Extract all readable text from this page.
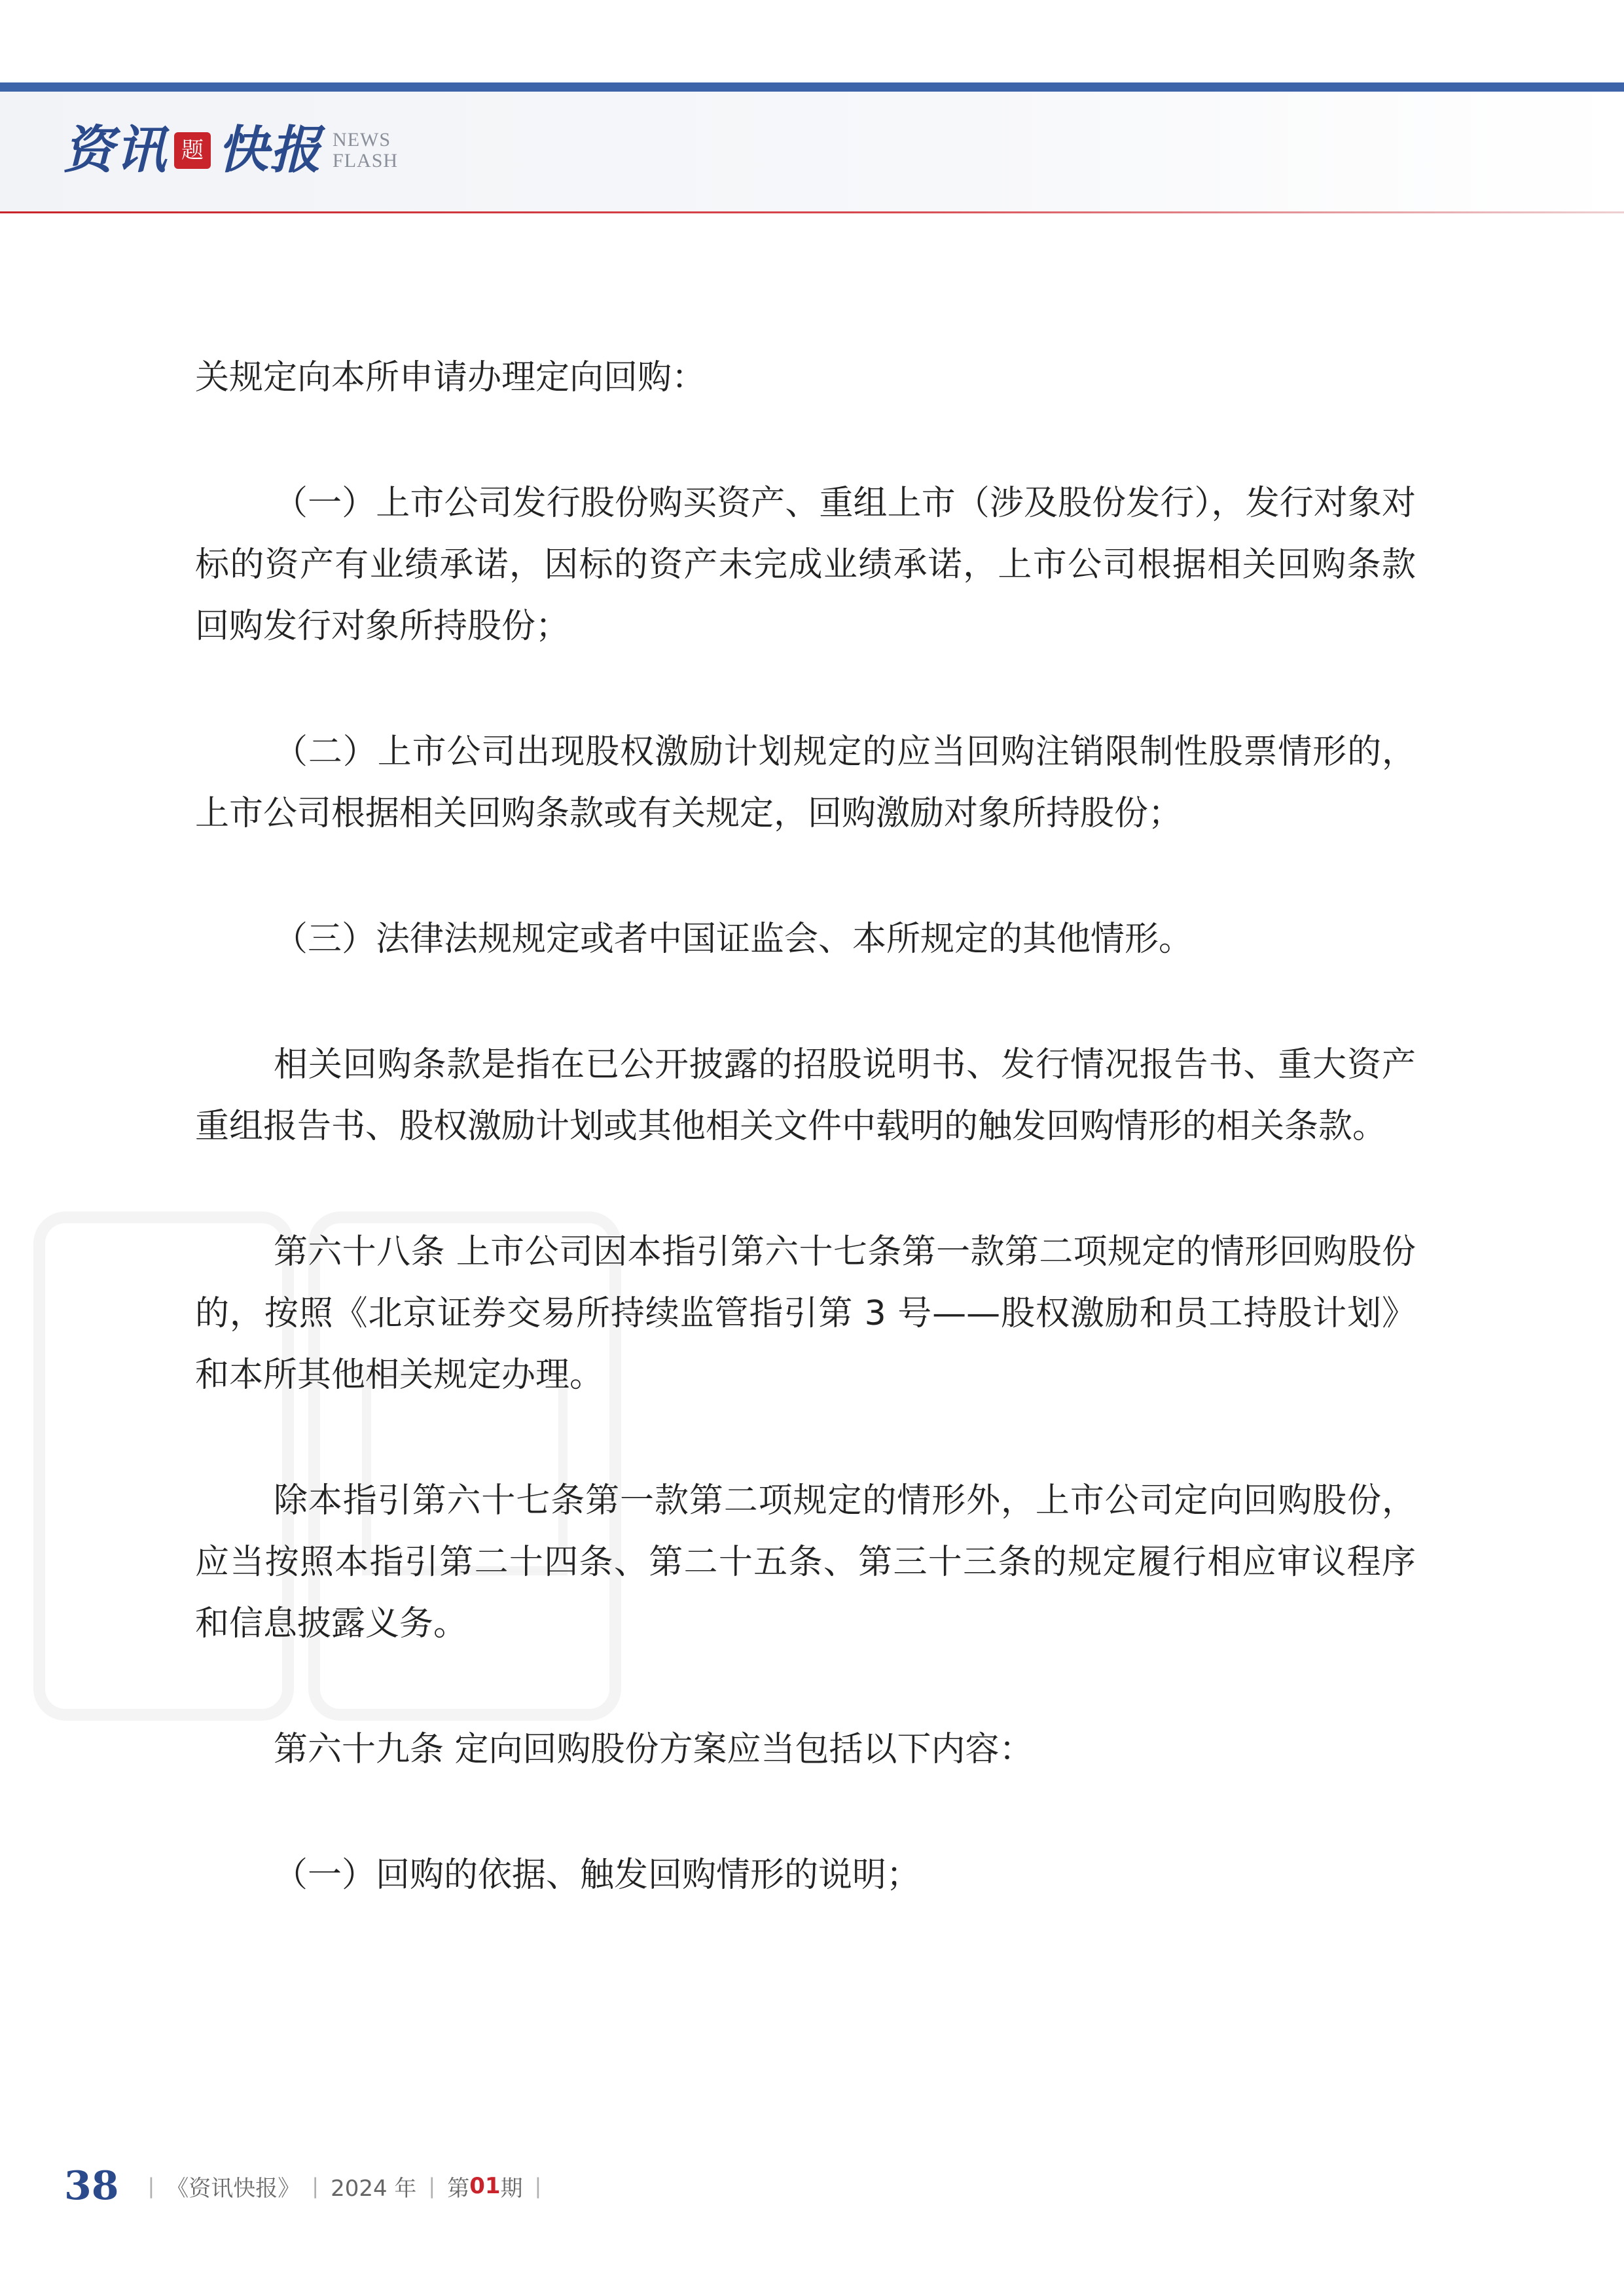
资讯 题 快报 NEWS
FLASH

关规定向本所申请办理定向回购：

（一）上市公司发行股份购买资产、重组上市（涉及股份发行），发行对象对标的资产有业绩承诺，因标的资产未完成业绩承诺，上市公司根据相关回购条款回购发行对象所持股份；

（二）上市公司出现股权激励计划规定的应当回购注销限制性股票情形的，上市公司根据相关回购条款或有关规定，回购激励对象所持股份；

（三）法律法规规定或者中国证监会、本所规定的其他情形。

相关回购条款是指在已公开披露的招股说明书、发行情况报告书、重大资产重组报告书、股权激励计划或其他相关文件中载明的触发回购情形的相关条款。

第六十八条 上市公司因本指引第六十七条第一款第二项规定的情形回购股份的，按照《北京证券交易所持续监管指引第 3 号——股权激励和员工持股计划》和本所其他相关规定办理。

除本指引第六十七条第一款第二项规定的情形外，上市公司定向回购股份，应当按照本指引第二十四条、第二十五条、第三十三条的规定履行相应审议程序和信息披露义务。

第六十九条 定向回购股份方案应当包括以下内容：

（一）回购的依据、触发回购情形的说明；

38 | 《资讯快报》 | 2024 年 | 第 01 期 |
